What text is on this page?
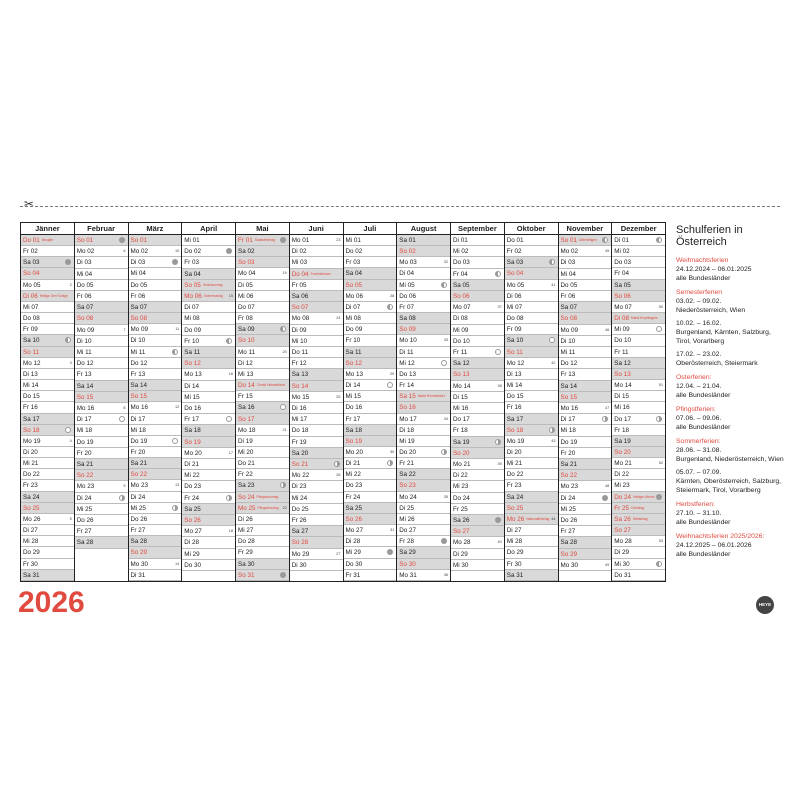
✂
Jänner
Do 01 Neujahr
Fr 02
Sa 03
So 04
Mo 05	2
Di 06 Heilige Drei Könige
Mi 07
Do 08
Fr 09
Sa 10
So 11
Mo 12	3
Di 13
Mi 14
Do 15
Fr 16
Sa 17
So 18
Mo 19	4
Di 20
Mi 21
Do 22
Fr 23
Sa 24
So 25
Mo 26	5
Di 27
Mi 28
Do 29
Fr 30
Sa 31
Februar
So 01
Mo 02	6
Di 03
Mi 04
Do 05
Fr 06
Sa 07
So 08
Mo 09	7
Di 10
Mi 11
Do 12
Fr 13
Sa 14
So 15
Mo 16	8
Di 17
Mi 18
Do 19
Fr 20
Sa 21
So 22
Mo 23	9
Di 24
Mi 25
Do 26
Fr 27
Sa 28
März
So 01
Mo 02	10
Di 03
Mi 04
Do 05
Fr 06
Sa 07
So 08
Mo 09	11
Di 10
Mi 11
Do 12
Fr 13
Sa 14
So 15
Mo 16	12
Di 17
Mi 18
Do 19
Fr 20
Sa 21
So 22
Mo 23	13
Di 24
Mi 25
Do 26
Fr 27
Sa 28
So 29
Mo 30	14
Di 31
April
Mi 01
Do 02
Fr 03
Sa 04
So 05 Ostersonntag
Mo 06 Ostermontag 15
Di 07
Mi 08
Do 09
Fr 10
Sa 11
So 12
Mo 13	16
Di 14
Mi 15
Do 16
Fr 17
Sa 18
So 19
Mo 20	17
Di 21
Mi 22
Do 23
Fr 24
Sa 25
So 26
Mo 27	18
Di 28
Mi 29
Do 30
Mai
Fr 01 Staatsfeiertag
Sa 02
So 03
Mo 04	19
Di 05
Mi 06
Do 07
Fr 08
Sa 09
So 10
Mo 11	20
Di 12
Mi 13
Do 14 Christi Himmelfahrt
Fr 15
Sa 16
So 17
Mo 18	21
Di 19
Mi 20
Do 21
Fr 22
Sa 23
So 24 Pfingstsonntag
Mo 25 Pfingstmontag 22
Di 26
Mi 27
Do 28
Fr 29
Sa 30
So 31
Juni
Mo 01	23
Di 02
Mi 03
Do 04 Fronleichnam
Fr 05
Sa 06
So 07
Mo 08	24
Di 09
Mi 10
Do 11
Fr 12
Sa 13
So 14
Mo 15	25
Di 16
Mi 17
Do 18
Fr 19
Sa 20
So 21
Mo 22	26
Di 23
Mi 24
Do 25
Fr 26
Sa 27
So 28
Mo 29	27
Di 30
Juli
Mi 01
Do 02
Fr 03
Sa 04
So 05
Mo 06	28
Di 07
Mi 08
Do 09
Fr 10
Sa 11
So 12
Mo 13	29
Di 14
Mi 15
Do 16
Fr 17
Sa 18
So 19
Mo 20	30
Di 21
Mi 22
Do 23
Fr 24
Sa 25
So 26
Mo 27	31
Di 28
Mi 29
Do 30
Fr 31
August
Sa 01
So 02
Mo 03	32
Di 04
Mi 05
Do 06
Fr 07
Sa 08
So 09
Mo 10	33
Di 11
Mi 12
Do 13
Fr 14
Sa 15 Mariä Himmelfahrt
So 16
Mo 17	34
Di 18
Mi 19
Do 20
Fr 21
Sa 22
So 23
Mo 24	35
Di 25
Mi 26
Do 27
Fr 28
Sa 29
So 30
Mo 31	36
September
Di 01
Mi 02
Do 03
Fr 04
Sa 05
So 06
Mo 07	37
Di 08
Mi 09
Do 10
Fr 11
Sa 12
So 13
Mo 14	38
Di 15
Mi 16
Do 17
Fr 18
Sa 19
So 20
Mo 21	39
Di 22
Mi 23
Do 24
Fr 25
Sa 26
So 27
Mo 28	40
Di 29
Mi 30
Oktober
Do 01
Fr 02
Sa 03
So 04
Mo 05	41
Di 06
Mi 07
Do 08
Fr 09
Sa 10
So 11
Mo 12	42
Di 13
Mi 14
Do 15
Fr 16
Sa 17
So 18
Mo 19	43
Di 20
Mi 21
Do 22
Fr 23
Sa 24
So 25
Mo 26 Nationalfeiertag 44
Di 27
Mi 28
Do 29
Fr 30
Sa 31
November
So 01 Allerheiligen
Mo 02	45
Di 03
Mi 04
Do 05
Fr 06
Sa 07
So 08
Mo 09	46
Di 10
Mi 11
Do 12
Fr 13
Sa 14
So 15
Mo 16	47
Di 17
Mi 18
Do 19
Fr 20
Sa 21
So 22
Mo 23	48
Di 24
Mi 25
Do 26
Fr 27
Sa 28
So 29
Mo 30	49
Dezember
Di 01
Mi 02
Do 03
Fr 04
Sa 05
So 06
Mo 07	50
Di 08 Mariä Empfängnis
Mi 09
Do 10
Fr 11
Sa 12
So 13
Mo 14	51
Di 15
Mi 16
Do 17
Fr 18
Sa 19
So 20
Mo 21	52
Di 22
Mi 23
Do 24 Heiliger Abend
Fr 25 Christtag
Sa 26 Stefanitag
So 27
Mo 28	53
Di 29
Mi 30
Do 31
2026
Schulferien in Österreich
Weihnachtsferien
24.12.2024 – 06.01.2025
alle Bundesländer
Semesterferien
03.02. – 09.02.
Niederösterreich, Wien
10.02. – 16.02.
Burgenland, Kärnten, Salzburg,
Tirol, Vorarlberg
17.02. – 23.02.
Oberösterreich, Steiermark
Osterferien:
12.04. – 21.04.
alle Bundesländer
Pfingstferien:
07.06. – 09.06.
alle Bundesländer
Sommerferien:
28.06. – 31.08.
Burgenland, Niederösterreich, Wien
05.07. – 07.09.
Kärnten, Oberösterreich, Salzburg,
Steiermark, Tirol, Vorarlberg
Herbstferien:
27.10. – 31.10.
alle Bundesländer
Weihnachtsferien 2025/2026:
24.12.2025 – 06.01.2026
alle Bundesländer
HEYE
